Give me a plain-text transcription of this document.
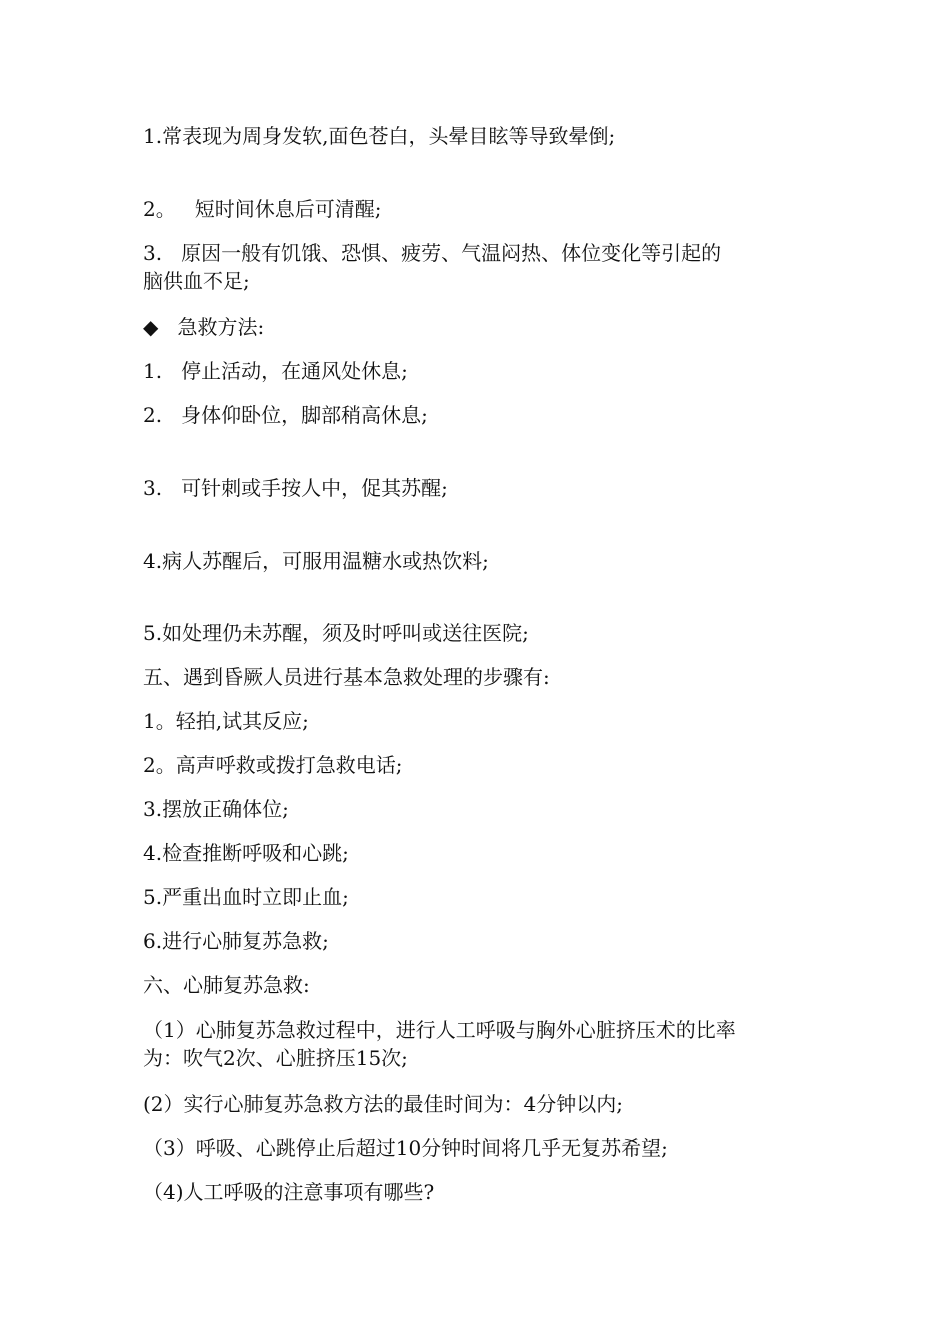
1.常表现为周身发软,面色苍白，头晕目眩等导致晕倒;
2。   短时间休息后可清醒;
3.   原因一般有饥饿、恐惧、疲劳、气温闷热、体位变化等引起的
脑供血不足;
◆   急救方法:
1.   停止活动，在通风处休息;
2.   身体仰卧位，脚部稍高休息;
3.   可针刺或手按人中，促其苏醒;
4.病人苏醒后，可服用温糖水或热饮料;
5.如处理仍未苏醒，须及时呼叫或送往医院;
五、遇到昏厥人员进行基本急救处理的步骤有:
1。轻拍,试其反应;
2。高声呼救或拨打急救电话;
3.摆放正确体位;
4.检查推断呼吸和心跳;
5.严重出血时立即止血;
6.进行心肺复苏急救;
六、心肺复苏急救:
（1）心肺复苏急救过程中，进行人工呼吸与胸外心脏挤压术的比率
为：吹气2次、心脏挤压15次;
(2）实行心肺复苏急救方法的最佳时间为：4分钟以内;
（3）呼吸、心跳停止后超过10分钟时间将几乎无复苏希望;
（4)人工呼吸的注意事项有哪些?
